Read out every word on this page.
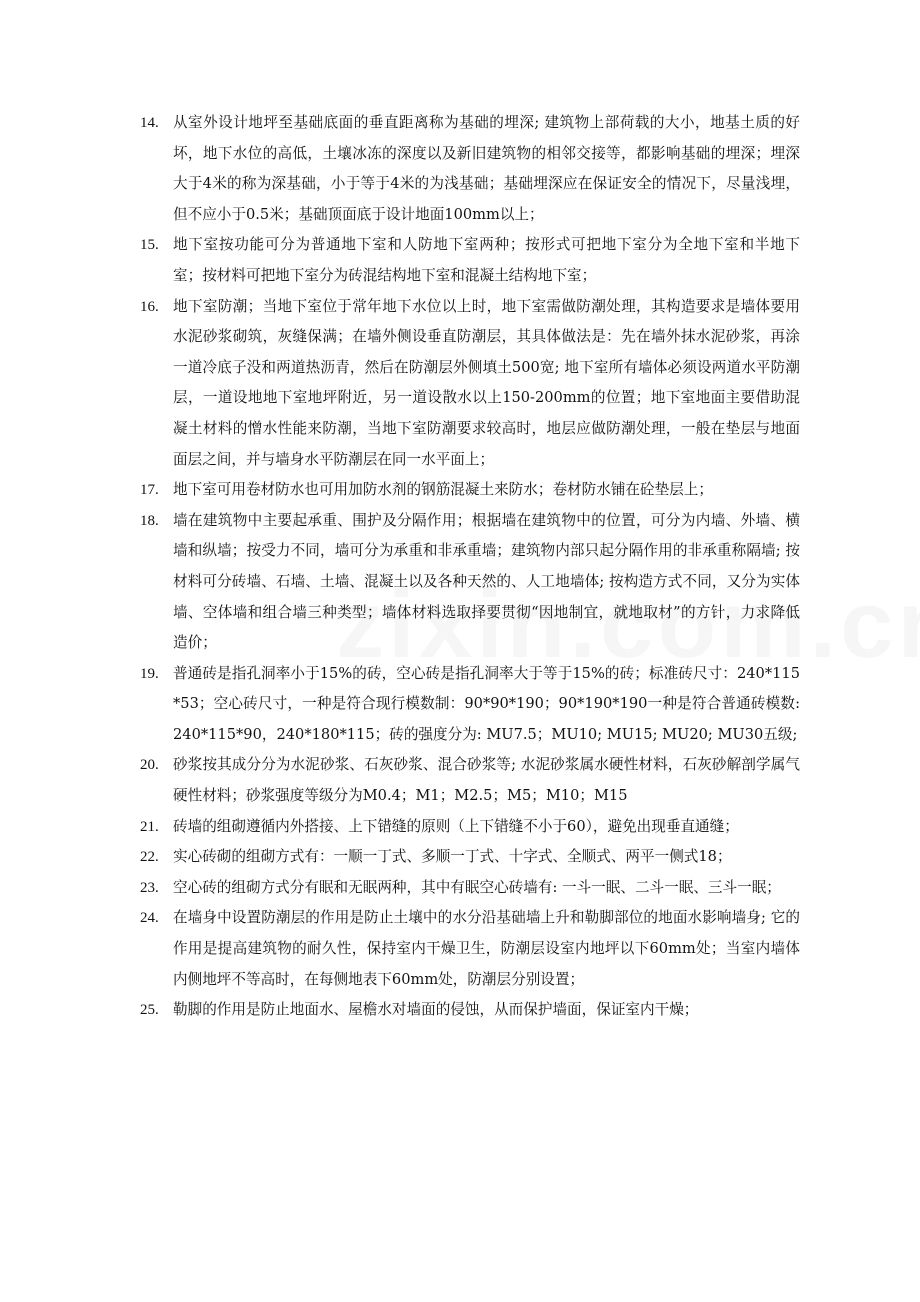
14. 从室外设计地坪至基础底面的垂直距离称为基础的埋深; 建筑物上部荷载的大小，地基土质的好坏，地下水位的高低，土壤冰冻的深度以及新旧建筑物的相邻交接等，都影响基础的埋深；埋深大于4米的称为深基础，小于等于4米的为浅基础；基础埋深应在保证安全的情况下，尽量浅埋，但不应小于0.5米；基础顶面底于设计地面100mm以上；
15. 地下室按功能可分为普通地下室和人防地下室两种；按形式可把地下室分为全地下室和半地下室；按材料可把地下室分为砖混结构地下室和混凝土结构地下室；
16. 地下室防潮；当地下室位于常年地下水位以上时，地下室需做防潮处理，其构造要求是墙体要用水泥砂浆砌筑，灰缝保满；在墙外侧设垂直防潮层，其具体做法是：先在墙外抹水泥砂浆，再涂一道冷底子没和两道热沥青，然后在防潮层外侧填土500宽; 地下室所有墙体必须设两道水平防潮层，一道设地地下室地坪附近，另一道设散水以上150-200mm的位置；地下室地面主要借助混凝土材料的憎水性能来防潮，当地下室防潮要求较高时，地层应做防潮处理，一般在垫层与地面面层之间，并与墙身水平防潮层在同一水平面上；
17. 地下室可用卷材防水也可用加防水剂的钢筋混凝土来防水；卷材防水铺在砼垫层上；
18. 墙在建筑物中主要起承重、围护及分隔作用；根据墙在建筑物中的位置，可分为内墙、外墙、横墙和纵墙；按受力不同，墙可分为承重和非承重墙；建筑物内部只起分隔作用的非承重称隔墙; 按材料可分砖墙、石墙、土墙、混凝土以及各种天然的、人工地墙体; 按构造方式不同，又分为实体墙、空体墙和组合墙三种类型；墙体材料选取择要贯彻“因地制宜，就地取材”的方针，力求降低造价；
19. 普通砖是指孔洞率小于15%的砖，空心砖是指孔洞率大于等于15%的砖；标准砖尺寸：240*115*53；空心砖尺寸，一种是符合现行模数制：90*90*190；90*190*190一种是符合普通砖模数: 240*115*90，240*180*115；砖的强度分为: MU7.5；MU10; MU15; MU20; MU30五级;
20. 砂浆按其成分分为水泥砂浆、石灰砂浆、混合砂浆等; 水泥砂浆属水硬性材料，石灰砂解剖学属气硬性材料；砂浆强度等级分为M0.4；M1；M2.5；M5；M10；M15
21. 砖墙的组砌遵循内外搭接、上下错缝的原则（上下错缝不小于60），避免出现垂直通缝；
22. 实心砖砌的组砌方式有：一顺一丁式、多顺一丁式、十字式、全顺式、两平一侧式18；
23. 空心砖的组砌方式分有眠和无眠两种，其中有眠空心砖墙有: 一斗一眠、二斗一眠、三斗一眠；
24. 在墙身中设置防潮层的作用是防止土壤中的水分沿基础墙上升和勒脚部位的地面水影响墙身; 它的作用是提高建筑物的耐久性，保持室内干燥卫生，防潮层设室内地坪以下60mm处；当室内墙体内侧地坪不等高时，在每侧地表下60mm处，防潮层分别设置；
25. 勒脚的作用是防止地面水、屋檐水对墙面的侵蚀，从而保护墙面，保证室内干燥；
